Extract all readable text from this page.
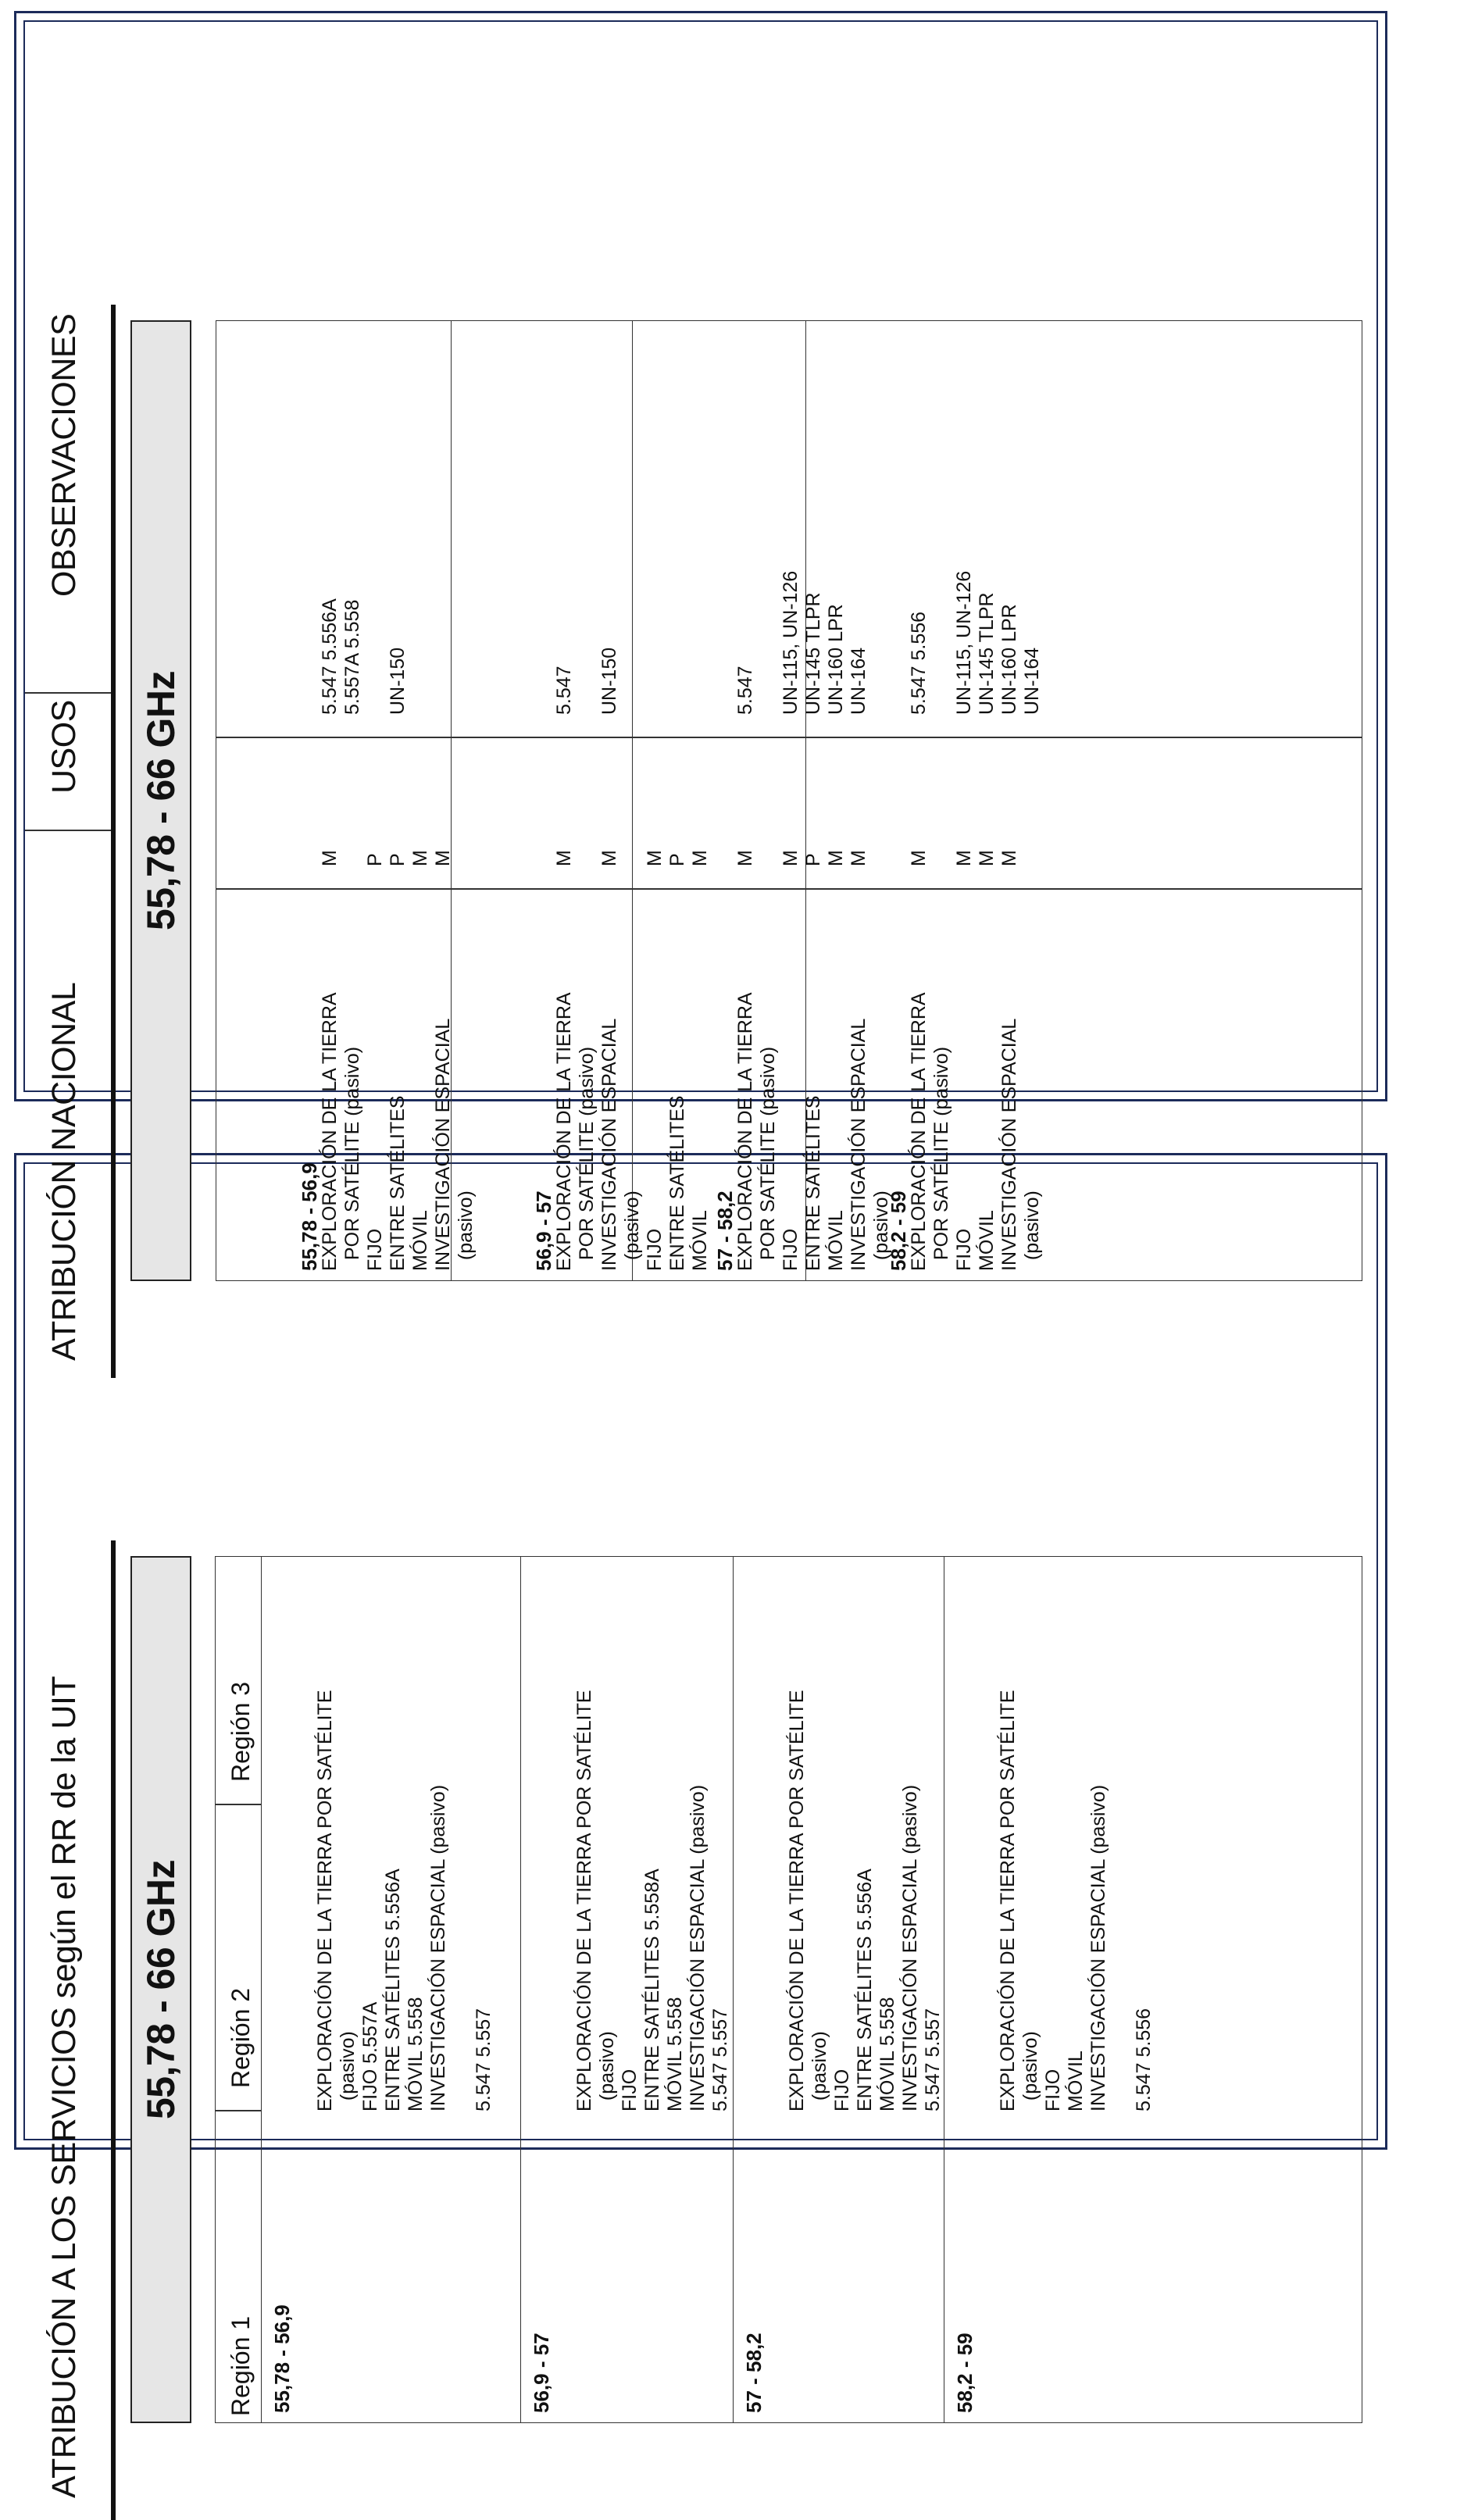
ATRIBUCIÓN A LOS SERVICIOS según el RR de la UIT 55,78 - 66 GHz
Región 1
Región 2
Región 3
55,78 - 56,9
EXPLORACIÓN DE LA TIERRA POR SATÉLITE (pasivo) FIJO 5.557A ENTRE SATÉLITES 5.556A MÓVIL 5.558 INVESTIGACIÓN ESPACIAL (pasivo) 5.547 5.557
56,9 - 57
EXPLORACIÓN DE LA TIERRA POR SATÉLITE (pasivo) FIJO ENTRE SATÉLITES 5.558A MÓVIL 5.558 INVESTIGACIÓN ESPACIAL (pasivo) 5.547 5.557
57 - 58,2
EXPLORACIÓN DE LA TIERRA POR SATÉLITE (pasivo) FIJO ENTRE SATÉLITES 5.556A MÓVIL 5.558 INVESTIGACIÓN ESPACIAL (pasivo) 5.547 5.557
58,2 - 59
EXPLORACIÓN DE LA TIERRA POR SATÉLITE (pasivo) FIJO MÓVIL INVESTIGACIÓN ESPACIAL (pasivo) 5.547 5.556
ATRIBUCIÓN NACIONAL
USOS
OBSERVACIONES
55,78 - 66 GHz
55,78 - 56,9
EXPLORACIÓN DE LA TIERRA POR SATÉLITE (pasivo) FIJO ENTRE SATÉLITES MÓVIL INVESTIGACIÓN ESPACIAL (pasivo)
M P P M M
5.547 5.556A 5.557A 5.558 UN-150
56,9 - 57
EXPLORACIÓN DE LA TIERRA POR SATÉLITE (pasivo) INVESTIGACIÓN ESPACIAL (pasivo) FIJO ENTRE SATÉLITES MÓVIL
M M M P M
5.547 UN-150
57 - 58,2
EXPLORACIÓN DE LA TIERRA POR SATÉLITE (pasivo) FIJO ENTRE SATÉLITES MÓVIL INVESTIGACIÓN ESPACIAL (pasivo)
M M P M M
5.547 UN-115, UN-126 UN-145 TLPR UN-160 LPR UN-164
58,2 - 59
EXPLORACIÓN DE LA TIERRA POR SATÉLITE (pasivo) FIJO MÓVIL INVESTIGACIÓN ESPACIAL (pasivo)
M M M M
5.547 5.556 UN-115, UN-126 UN-145 TLPR UN-160 LPR UN-164
